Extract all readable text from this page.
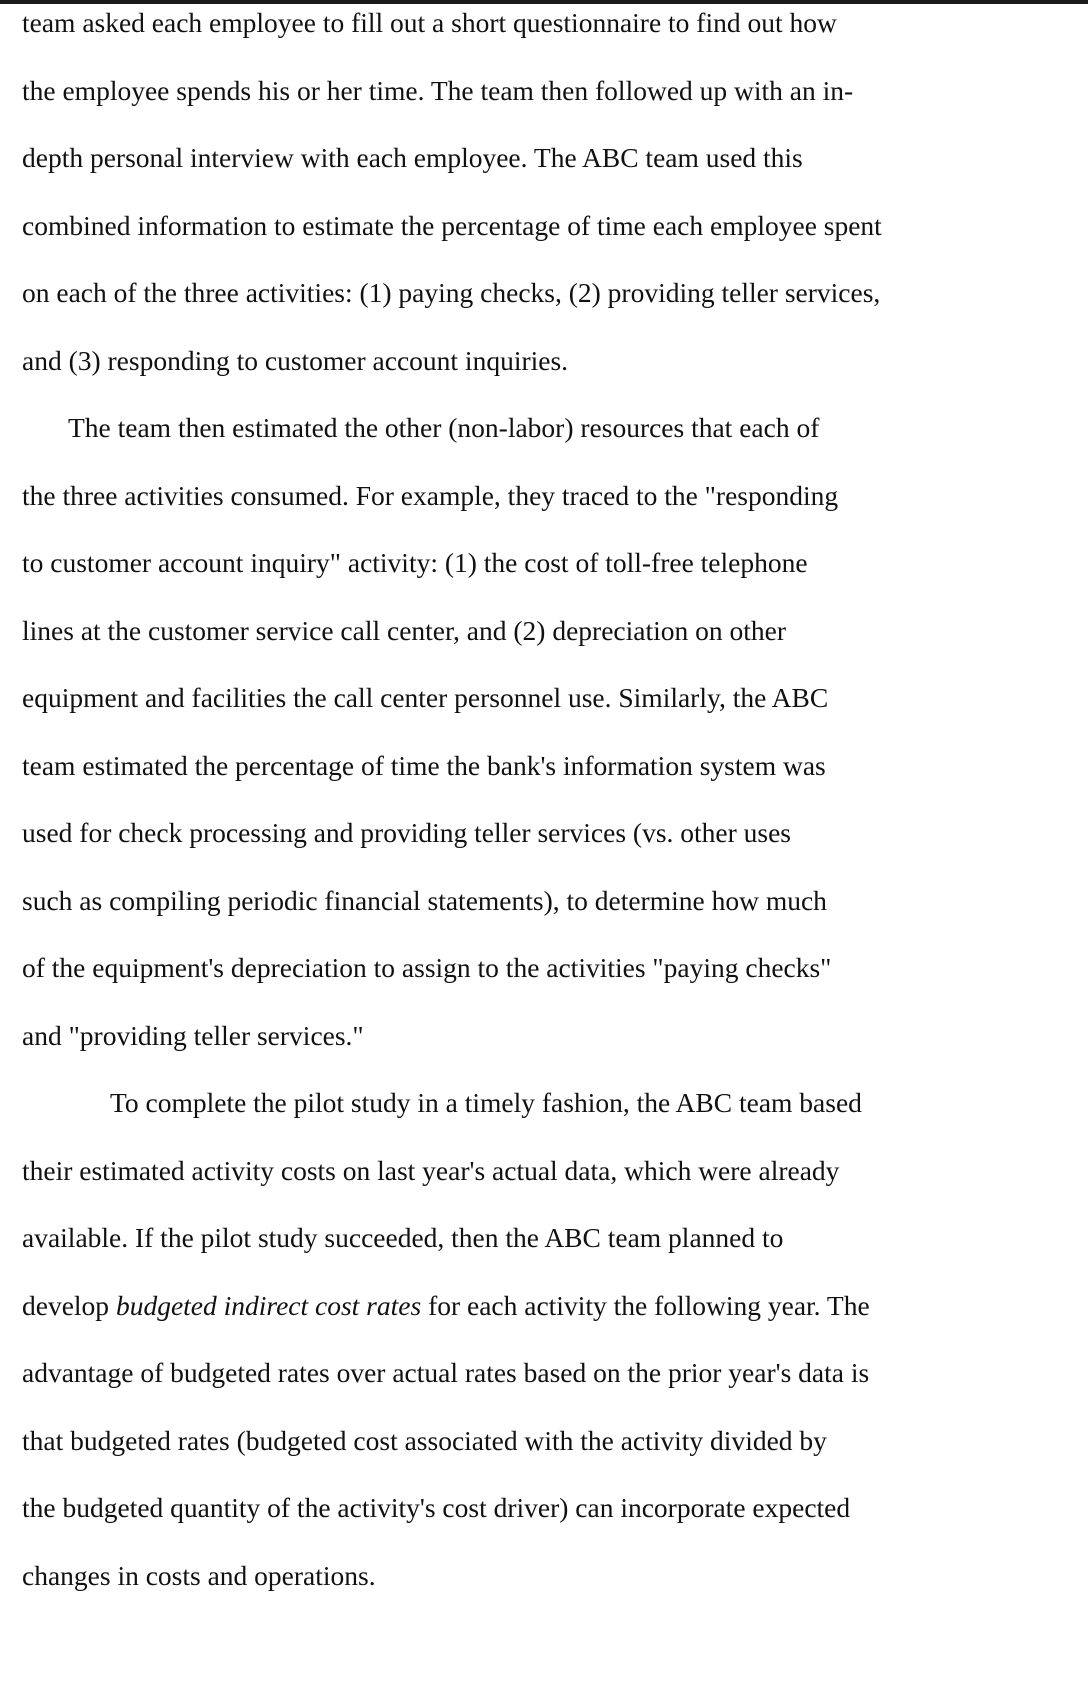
team asked each employee to fill out a short questionnaire to find out how
the employee spends his or her time. The team then followed up with an in-
depth personal interview with each employee. The ABC team used this
combined information to estimate the percentage of time each employee spent
on each of the three activities: (1) paying checks, (2) providing teller services,
and (3) responding to customer account inquiries.
The team then estimated the other (non-labor) resources that each of
the three activities consumed. For example, they traced to the "responding
to customer account inquiry" activity: (1) the cost of toll-free telephone
lines at the customer service call center, and (2) depreciation on other
equipment and facilities the call center personnel use. Similarly, the ABC
team estimated the percentage of time the bank's information system was
used for check processing and providing teller services (vs. other uses
such as compiling periodic financial statements), to determine how much
of the equipment's depreciation to assign to the activities "paying checks"
and "providing teller services."
To complete the pilot study in a timely fashion, the ABC team based
their estimated activity costs on last year's actual data, which were already
available. If the pilot study succeeded, then the ABC team planned to
develop budgeted indirect cost rates for each activity the following year. The
advantage of budgeted rates over actual rates based on the prior year's data is
that budgeted rates (budgeted cost associated with the activity divided by
the budgeted quantity of the activity's cost driver) can incorporate expected
changes in costs and operations.
